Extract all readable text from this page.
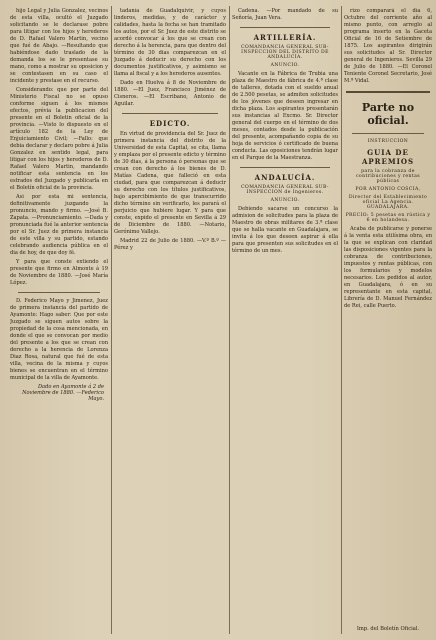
hijo Legal y Julia Gonzalez, vecinos de esta villa, ocultó el Juzgado solicitando se le declarase pobre para litigar con los hijos y herederos de D. Rafael Valero Martin, vecino que fué de Abajo. —Resultando que habiéndose dado traslado de la demanda los se le presentase su mano, como a mostrar su oposicion y se contestasen en su caso el incidente y prestase en el recurso.

Considerando: que por parte del Ministerio Fiscal no se opuso conforme siguen á los mismos efectos, prévia la publicacion del presente en el Boletin oficial de la provincia. —Visto lo dispuesto en el artículo 182 de la Ley de Enjuiciamiento Civil; —Fallo: que debia declarar y declaro pobre á Julia Gonzalez en sentido legal, para litigar con los hijos y herederos de D. Rafael Valero Martin, mandando notificar esta sentencia en los estrados del Juzgado y publicarla en el Boletín oficial de la provincia.

Asi por esta mi sentencia, definitivamente juzgando la pronuncio, mando y firmo. —José B. Zapata. —Pronunciamiento. —Dada y pronunciada fué la anterior sentencia por el Sr. Juez de primera instancia de este villa y su partido, estando celebrando audiencia pública en el dia de hoy, de que doy fé.

Y para que conste extiendo el presente que firmo en Almonte á 19 de Noviembre de 1880. —José María López.

D. Federico Mayo y Jimenez, Juez de primera instancia del partido de Ayamonte: Hago saber: Que por este Juzgado se siguen autos sobre la propiedad de la cosa mencionada, en donde el que se convocan por medio del presente a los que se crean con derecho a la herencia de Lorenza Diaz Rosa, natural que fué de esta villa, vecina de la misma y cuyos bienes se encuentran en el término municipal de la villa de Ayamonte.

Dado en Ayamonte á 2 de Noviembre de 1880. —Federico Mayo.

tadanía de Guadalquivir, y cuyos linderos, medidas, y de carácter y calidades, hasta la fecha se han tramitado los autos, por el Sr. Juez de este distrito se acordó convocar á los que se crean con derecho á la herencia, para que dentro del término de 30 dias comparezcan en el Juzgado á deducir su derecho con los documentos justificativos, y asimismo se llama al fiscal y a los herederos ausentes.

Dado en Huelva á 8 de Noviembre de 1880. —El Juez, Francisco Jiménez de Cisneros. —El Escribano, Antonio de Aguilar.

EDICTO.

En virtud de providencia del Sr. Juez de primera instancia del distrito de la Universidad de esta Capital, se cita, llama y emplaza por el presente edicto y término de 30 dias, á la persona ó personas que se crean con derecho á los bienes de D. Matías Cadena, que falleció en esta ciudad, para que comparezcan á deducir su derecho con los títulos justificativos, bajo apercibimiento de que transcurrido dicho término sin verificarlo, les parará el perjuicio que hubiere lugar. Y para que conste, expido el presente en Sevilla á 29 de Diciembre de 1880. —Notario, Gerónimo Vallejo.

Madrid 22 de Julio de 1880. —V.º B.º —Pérez y

Cadena. —Por mandado de su Señoría, Juan Vera.

ARTILLERÍA.
COMANDANCIA GENERAL SUB-INSPECCION DEL DISTRITO DE ANDALUCÍA.
ANUNCIO.

Vacante en la Fábrica de Trubia una plaza de Maestro de fábrica de 4.ª clase de talleres, dotada con el sueldo anual de 2.500 pesetas, se admiten solicitudes de los jóvenes que deseen ingresar en dicha plaza. Los aspirantes presentarán sus instancias al Excmo. Sr. Director general del cuerpo en el término de dos meses, contados desde la publicación del presente, acompañando copia de su hoja de servicios ó certificado de buena conducta. Las oposiciones tendrán lugar en el Parque de la Maestranza.

ANDALUCÍA.
COMANDANCIA GENERAL SUB-INSPECCION de Ingenieros.
ANUNCIO.

Debiendo sacarse un concurso la admision de solicitudes para la plaza de Maestro de obras militares de 3.ª clase que se halla vacante en Guadalajara, se invita á los que deseen aspirar á ella para que presenten sus solicitudes en el término de un mes.

rizo comparará el día 6, Octubre del corriente año al mismo punto, con arreglo al programa inserto en la Gaceta Oficial de 16 de Setiembre de 1875. Los aspirantes dirigirán sus solicitudes al Sr. Director general de Ingenieros. Sevilla 29 de Julio de 1880. —El Coronel Teniente Coronel Secretario, José M.ª Vidal.

Parte no oficial.
INSTRUCCION
GUIA DE APREMIOS
para la cobranza de contribuciones y rentas públicas
POR ANTONIO COSCIA,
Director del Establecimiento oficial La Agencia. GUADALAJARA.
PRECIO: 5 pesetas en rústica y 6 en holandesa.

Acaba de publicarse y ponerse á la venta esta utilísima obra, en la que se explican con claridad las disposiciones vigentes para la cobranza de contribuciones, impuestos y rentas públicas, con los formularios y modelos necesarios. Los pedidos al autor, en Guadalajara, ó en su representante en esta capital, Librería de D. Manuel Fernández de Rei, calle Puerto.

Imp. del Boletín Oficial.
